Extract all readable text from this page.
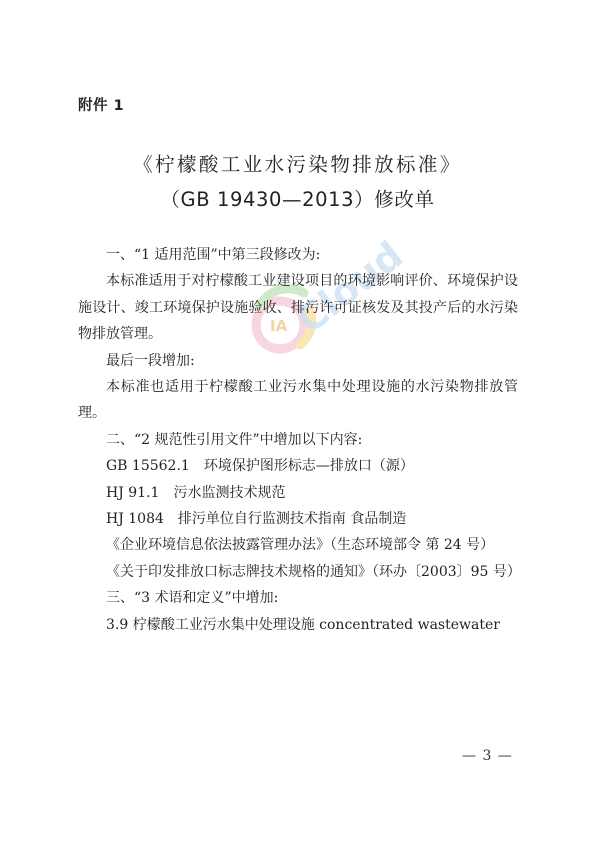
附件 1
《柠檬酸工业水污染物排放标准》
（GB 19430—2013）修改单
IA Cloud

一、“1 适用范围”中第三段修改为:

本标准适用于对柠檬酸工业建设项目的环境影响评价、环境保护设施设计、竣工环境保护设施验收、排污许可证核发及其投产后的水污染物排放管理。

最后一段增加:

本标准也适用于柠檬酸工业污水集中处理设施的水污染物排放管理。

二、“2 规范性引用文件”中增加以下内容:

GB 15562.1　环境保护图形标志—排放口（源）

HJ 91.1　污水监测技术规范

HJ 1084　排污单位自行监测技术指南 食品制造

《企业环境信息依法披露管理办法》（生态环境部令 第 24 号）

《关于印发排放口标志牌技术规格的通知》（环办〔2003〕95 号）

三、“3 术语和定义”中增加:

3.9 柠檬酸工业污水集中处理设施 concentrated wastewater

— 3 —
